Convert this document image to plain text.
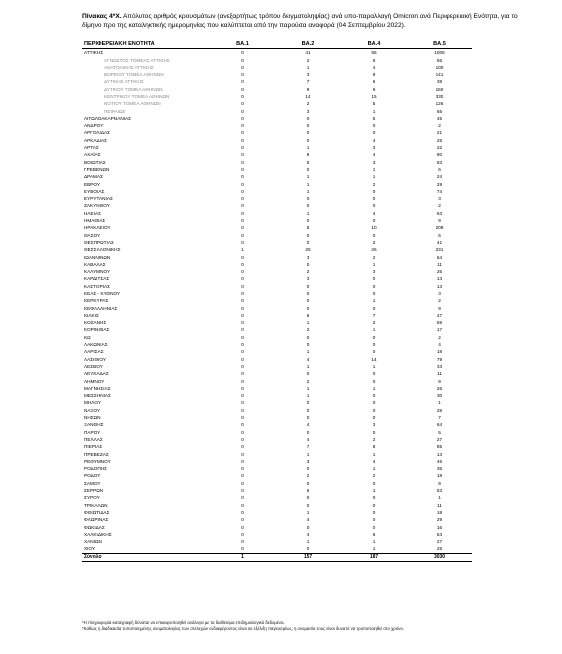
Πίνακας 4*Χ. Απόλυτος αριθμός κρουσμάτων (ανεξαρτήτως τρόπου δειγματοληψίας) ανά υπο-παραλλαγή Omicron ανά Περιφερειακή Ενότητα, για το δίμηνο προ της καταληκτικής ημερομηνίας που καλύπτεται από την παρούσα αναφορά (04 Σεπτεμβρίου 2022).
ΠΕΡΙΦΕΡΕΙΑΚΗ ΕΝΟΤΗΤΑ	BA.1	BA.2	BA.4	BA.5
ΑΤΤΙΚΗΣ	0	41	55	1006
ΑΓΝΩΣΤΟΣ ΤΟΜΕΑΣ ΑΤΤΙΚΗΣ	0	2	6	56
ΑΝΑΤΟΛΙΚΗΣ ΑΤΤΙΚΗΣ	0	1	4	100
ΒΟΡΕΙΟΥ ΤΟΜΕΑ ΑΘΗΝΩΝ	0	3	9	141
ΔΥΤΙΚΗΣ ΑΤΤΙΚΗΣ	0	7	6	38
ΔΥΤΙΚΟΥ ΤΟΜΕΑ ΑΘΗΝΩΝ	0	9	9	150
ΚΕΝΤΡΙΚΟΥ ΤΟΜΕΑ ΑΘΗΝΩΝ	0	14	15	330
ΝΟΤΙΟΥ ΤΟΜΕΑ ΑΘΗΝΩΝ	0	2	5	126
ΠΕΙΡΑΙΩΣ	0	3	1	65
ΑΙΤΩΛΟΑΚΑΡΝΑΝΙΑΣ	0	0	5	45
ΑΝΔΡΟΥ	0	0	0	2
ΑΡΓΟΛΙΔΑΣ	0	0	0	21
ΑΡΚΑΔΙΑΣ	0	0	4	25
ΑΡΤΑΣ	0	1	3	22
ΑΧΑΪΑΣ	0	8	4	80
ΒΟΙΩΤΙΑΣ	0	5	3	83
ΓΡΕΒΕΝΩΝ	0	0	1	6
ΔΡΑΜΑΣ	0	1	1	24
ΕΒΡΟΥ	0	1	2	29
ΕΥΒΟΙΑΣ	0	1	0	74
ΕΥΡΥΤΑΝΙΑΣ	0	0	0	3
ΖΑΚΥΝΘΟΥ	0	0	0	2
ΗΛΕΙΑΣ	0	1	4	63
ΗΜΑΘΙΑΣ	0	0	0	9
ΗΡΑΚΛΕΙΟΥ	0	8	10	208
ΘΑΣΟΥ	0	0	0	6
ΘΕΣΠΡΩΤΙΑΣ	0	0	2	41
ΘΕΣΣΑΛΟΝΙΚΗΣ	1	25	26	231
ΙΩΑΝΝΙΝΩΝ	0	3	2	64
ΚΑΒΑΛΑΣ	0	0	1	11
ΚΑΛΥΜΝΟΥ	0	2	3	26
ΚΑΡΔΙΤΣΑΣ	0	3	0	13
ΚΑΣΤΟΡΙΑΣ	0	0	0	13
ΚΕΑΣ - ΚΥΘΝΟΥ	0	0	0	3
ΚΕΡΚΥΡΑΣ	0	0	1	2
ΚΕΦΑΛΛΗΝΙΑΣ	0	0	0	9
ΚΙΛΚΙΣ	0	6	7	47
ΚΟΖΑΝΗΣ	0	1	2	55
ΚΟΡΙΝΘΙΑΣ	0	2	1	17
ΚΩ	0	0	0	2
ΛΑΚΩΝΙΑΣ	0	0	0	4
ΛΑΡΙΣΑΣ	0	1	0	18
ΛΑΣΙΘΙΟΥ	0	4	14	79
ΛΕΣΒΟΥ	0	1	1	33
ΛΕΥΚΑΔΑΣ	0	0	0	11
ΛΗΜΝΟΥ	0	2	0	9
ΜΑΓΝΗΣΙΑΣ	0	1	1	26
ΜΕΣΣΗΝΙΑΣ	0	1	0	30
ΜΗΛΟΥ	0	0	0	1
ΝΑΞΟΥ	0	0	0	25
ΝΗΣΩΝ	0	0	0	7
ΞΑΝΘΗΣ	0	4	3	64
ΠΑΡΟΥ	0	0	0	5
ΠΕΛΛΑΣ	0	4	2	27
ΠΙΕΡΙΑΣ	0	7	8	85
ΠΡΕΒΕΖΑΣ	0	1	1	13
ΡΕΘΥΜΝΟΥ	0	3	4	45
ΡΟΔΟΠΗΣ	0	0	1	36
ΡΟΔΟΥ	0	2	2	18
ΣΑΜΟΥ	0	0	0	9
ΣΕΡΡΩΝ	0	6	1	53
ΣΥΡΟΥ	0	0	0	1
ΤΡΙΚΑΛΩΝ	0	0	0	11
ΦΘΙΩΤΙΔΑΣ	0	1	0	18
ΦΛΩΡΙΝΑΣ	0	4	0	29
ΦΩΚΙΔΑΣ	0	0	0	16
ΧΑΛΚΙΔΙΚΗΣ	0	4	6	63
ΧΑΝΙΩΝ	0	1	1	27
ΧΙΟΥ	0	0	1	25
Σύνολο	1	157	187	3030
*Η πληροφορία καταγραφή δύναται να επικαιροποιηθεί ανάλογα με τα διαθέσιμα επιδημιολογικά δεδομένα.
*Καθώς η διαδικασία τυποποιημένης ονοματολογίας των στελεχών ενδιαφέροντος είναι σε εξέλιξη παγκοσμίως, η ονομασία τους είναι δυνατό να τροποποιηθεί στο χρόνο.
